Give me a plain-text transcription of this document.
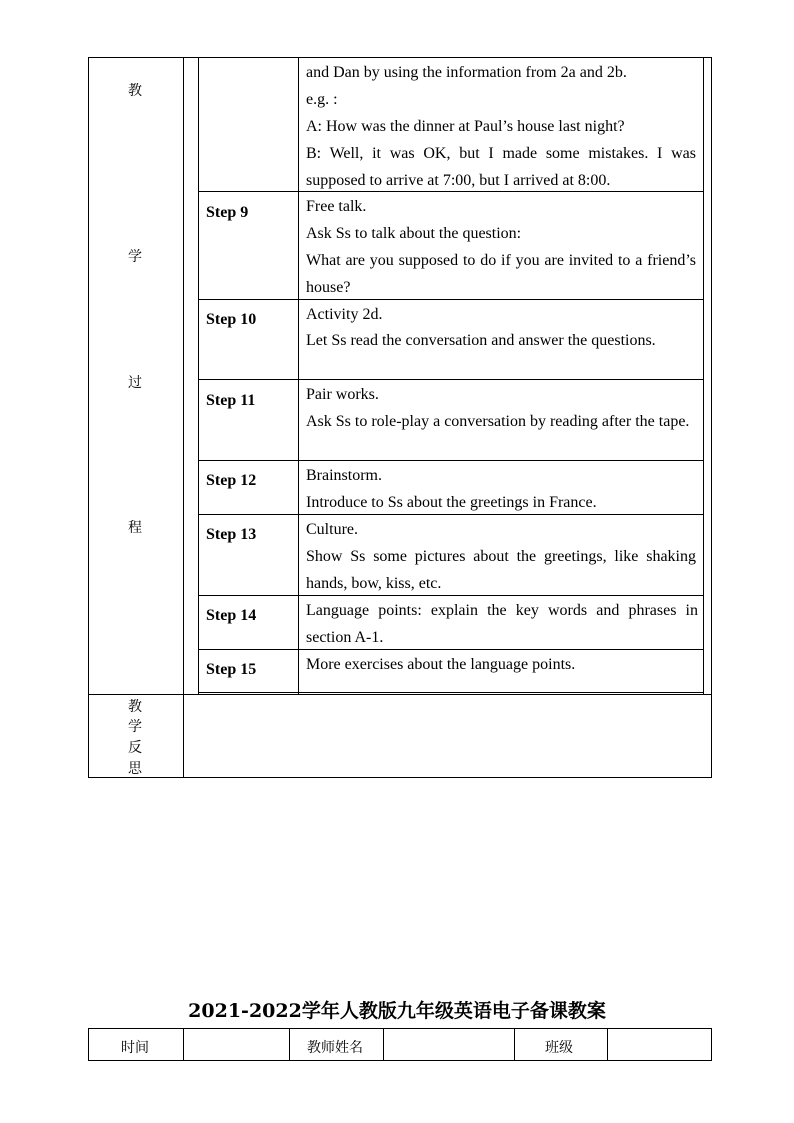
教
学
过
程
教
学
反
思
and Dan by using the information from 2a and 2b.
e.g. :
A: How was the dinner at Paul’s house last night?
B: Well, it was OK, but I made some mistakes. I was supposed to arrive at 7:00, but I arrived at 8:00.
Step 9	Free talk.
Ask Ss to talk about the question:
What are you supposed to do if you are invited to a friend’s house?
Step 10	Activity 2d.
Let Ss read the conversation and answer the questions.
Step 11	Pair works.
Ask Ss to role-play a conversation by reading after the tape.
Step 12	Brainstorm.
Introduce to Ss about the greetings in France.
Step 13	Culture.
Show Ss some pictures about the greetings, like shaking hands, bow, kiss, etc.
Step 14	Language points: explain the key words and phrases in section A-1.
Step 15	More exercises about the language points.
2021-2022学年人教版九年级英语电子备课教案
时间	教师姓名	班级
